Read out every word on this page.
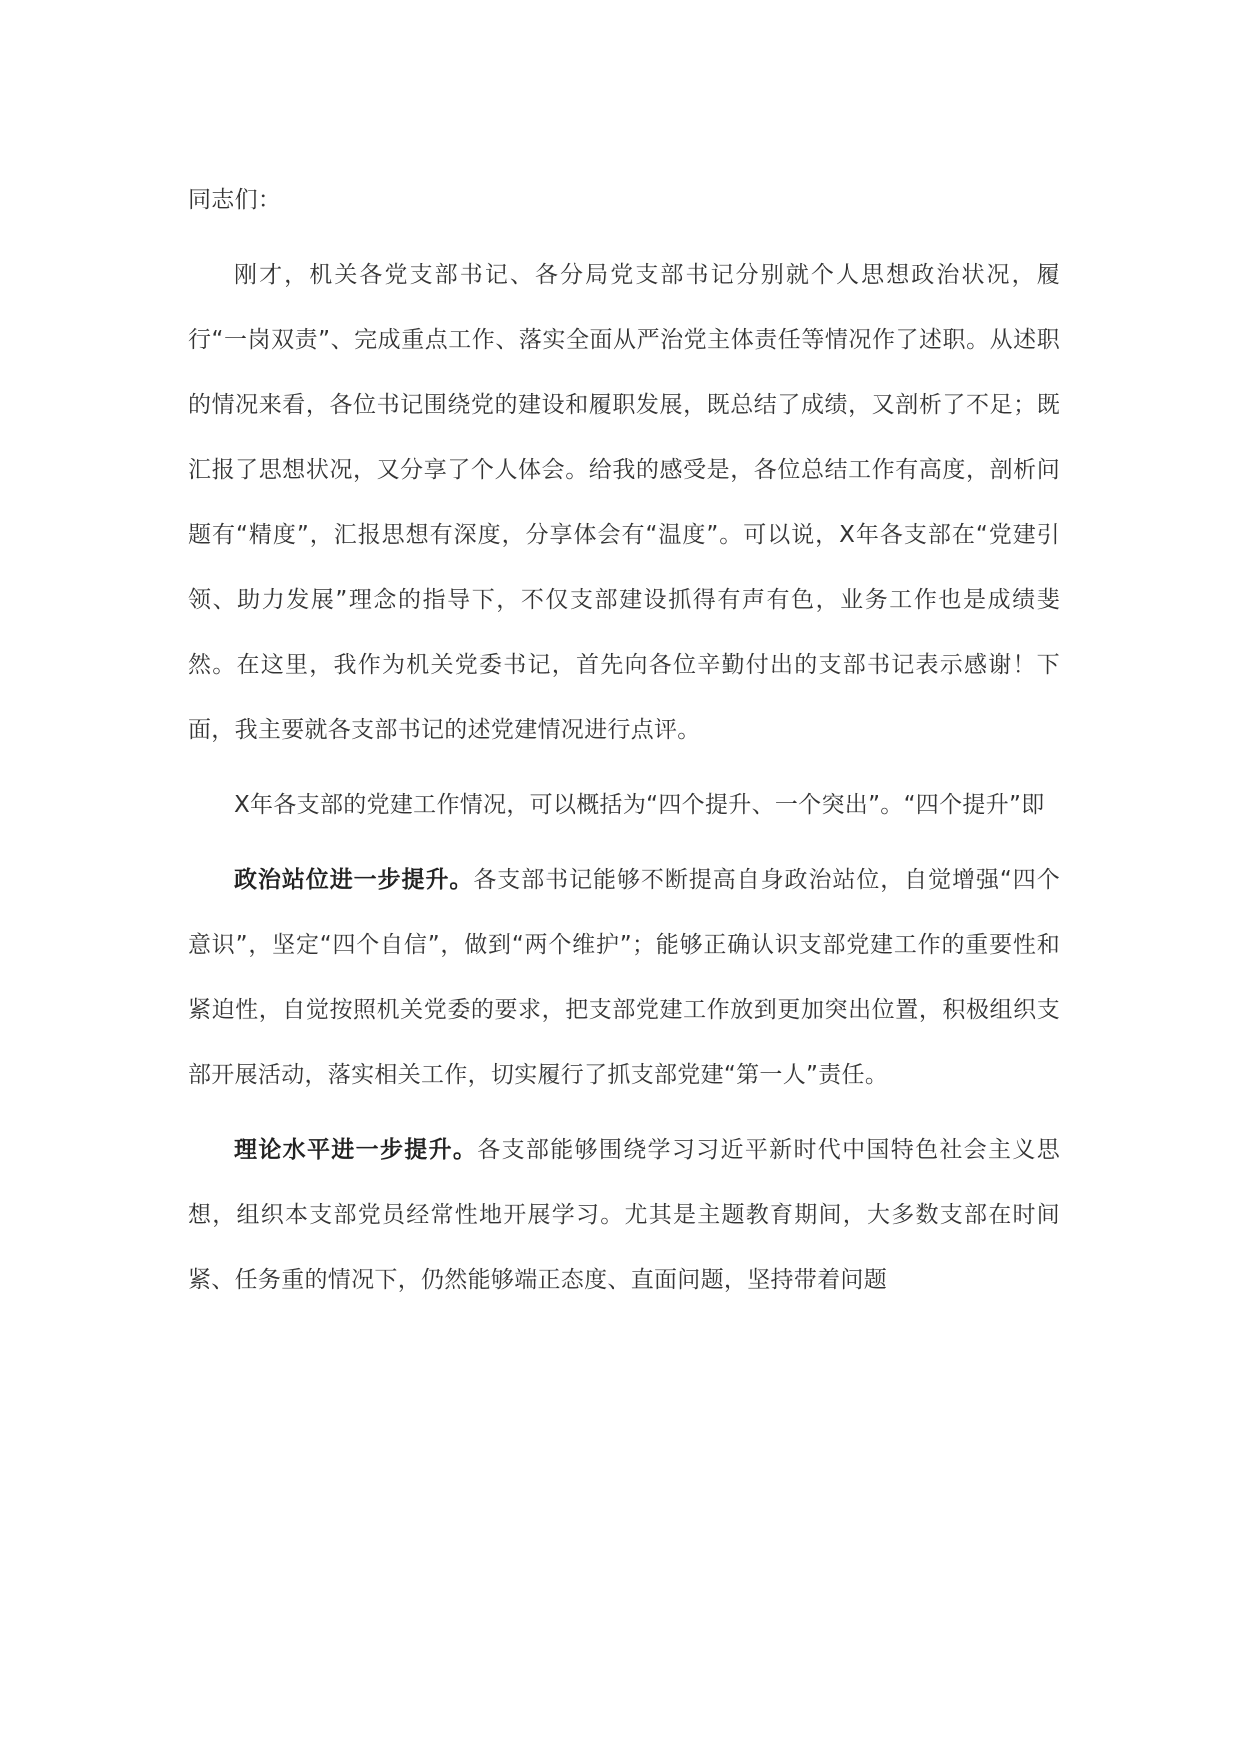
同志们：

刚才，机关各党支部书记、各分局党支部书记分别就个人思想政治状况，履行“一岗双责”、完成重点工作、落实全面从严治党主体责任等情况作了述职。从述职的情况来看，各位书记围绕党的建设和履职发展，既总结了成绩，又剖析了不足；既汇报了思想状况，又分享了个人体会。给我的感受是，各位总结工作有高度，剖析问题有“精度”，汇报思想有深度，分享体会有“温度”。可以说，X年各支部在“党建引领、助力发展”理念的指导下，不仅支部建设抓得有声有色，业务工作也是成绩斐然。在这里，我作为机关党委书记，首先向各位辛勤付出的支部书记表示感谢！下面，我主要就各支部书记的述党建情况进行点评。

X年各支部的党建工作情况，可以概括为“四个提升、一个突出”。“四个提升”即

政治站位进一步提升。各支部书记能够不断提高自身政治站位，自觉增强“四个意识”，坚定“四个自信”，做到“两个维护”；能够正确认识支部党建工作的重要性和紧迫性，自觉按照机关党委的要求，把支部党建工作放到更加突出位置，积极组织支部开展活动，落实相关工作，切实履行了抓支部党建“第一人”责任。

理论水平进一步提升。各支部能够围绕学习习近平新时代中国特色社会主义思想，组织本支部党员经常性地开展学习。尤其是主题教育期间，大多数支部在时间紧、任务重的情况下，仍然能够端正态度、直面问题，坚持带着问题
